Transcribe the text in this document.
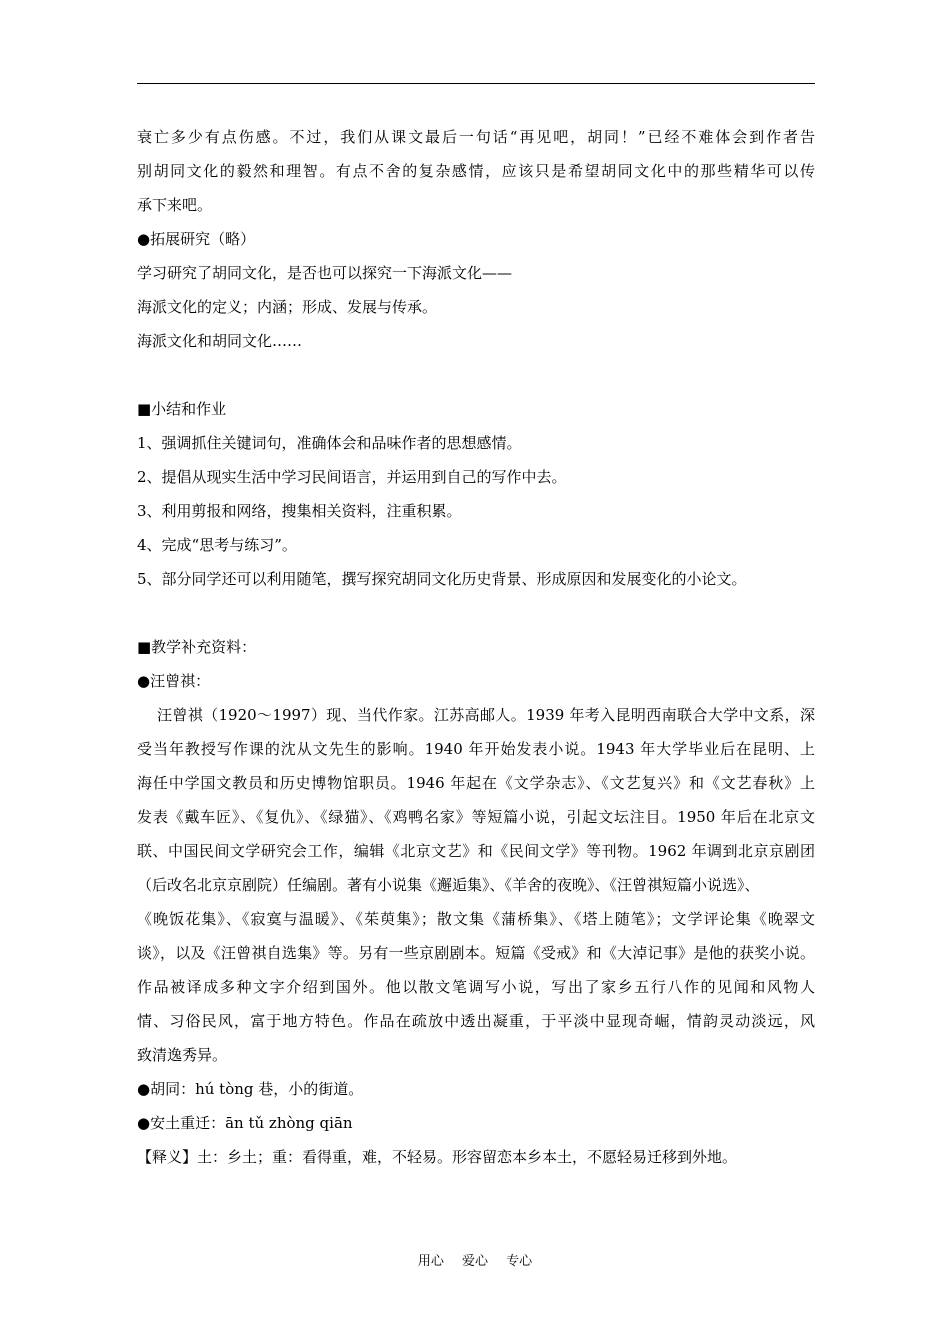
衰亡多少有点伤感。不过，我们从课文最后一句话“再见吧，胡同！”已经不难体会到作者告
别胡同文化的毅然和理智。有点不舍的复杂感情，应该只是希望胡同文化中的那些精华可以传
承下来吧。
●拓展研究（略）
学习研究了胡同文化，是否也可以探究一下海派文化——
海派文化的定义；内涵；形成、发展与传承。
海派文化和胡同文化……
■小结和作业
1、强调抓住关键词句，准确体会和品味作者的思想感情。
2、提倡从现实生活中学习民间语言，并运用到自己的写作中去。
3、利用剪报和网络，搜集相关资料，注重积累。
4、完成“思考与练习”。
5、部分同学还可以利用随笔，撰写探究胡同文化历史背景、形成原因和发展变化的小论文。
■教学补充资料：
●汪曾祺：
汪曾祺（1920～1997）现、当代作家。江苏高邮人。1939 年考入昆明西南联合大学中文系，深
受当年教授写作课的沈从文先生的影响。1940 年开始发表小说。1943 年大学毕业后在昆明、上
海任中学国文教员和历史博物馆职员。1946 年起在《文学杂志》、《文艺复兴》和《文艺春秋》上
发表《戴车匠》、《复仇》、《绿猫》、《鸡鸭名家》等短篇小说，引起文坛注目。1950 年后在北京文
联、中国民间文学研究会工作，编辑《北京文艺》和《民间文学》等刊物。1962 年调到北京京剧团
（后改名北京京剧院）任编剧。著有小说集《邂逅集》、《羊舍的夜晚》、《汪曾祺短篇小说选》、
《晚饭花集》、《寂寞与温暖》、《茱萸集》；散文集《蒲桥集》、《塔上随笔》；文学评论集《晚翠文
谈》，以及《汪曾祺自选集》等。另有一些京剧剧本。短篇《受戒》和《大淖记事》是他的获奖小说。
作品被译成多种文字介绍到国外。他以散文笔调写小说，写出了家乡五行八作的见闻和风物人
情、习俗民风，富于地方特色。作品在疏放中透出凝重，于平淡中显现奇崛，情韵灵动淡远，风
致清逸秀异。
●胡同：hú tòng 巷，小的街道。
●安土重迁：ān tǔ zhòng qiān
【释义】土：乡土；重：看得重，难，不轻易。形容留恋本乡本土，不愿轻易迁移到外地。
用心 爱心 专心
